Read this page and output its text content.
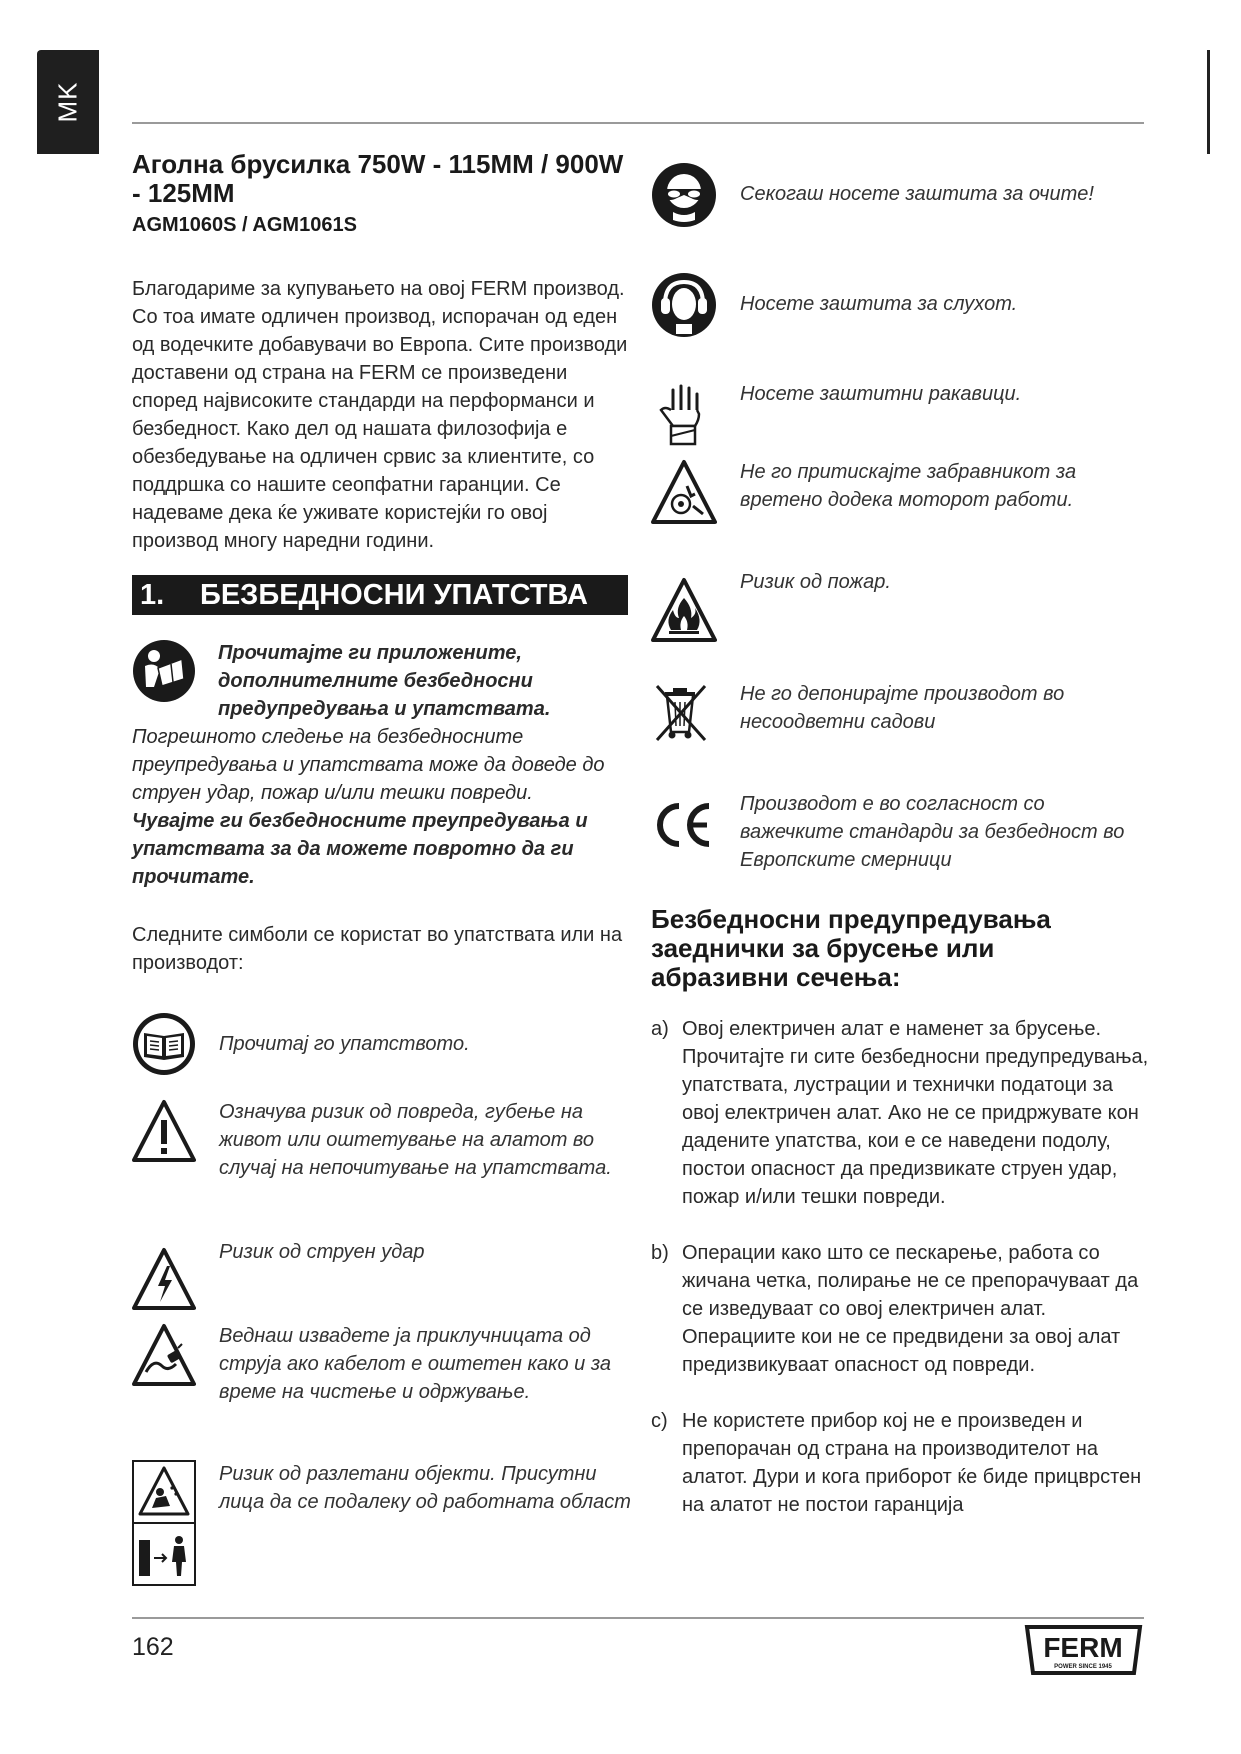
MK
Аголна брусилка 750W - 115MM / 900W - 125MM

AGM1060S / AGM1061S

Благодариме за купувањето на овој FERM производ. Со тоа имате одличен производ, испорачан од еден од водечките добавувачи во Европа. Сите производи доставени од страна на FERM се произведени според највисоките стандарди на перформанси и безбедност. Како дел од нашата филозофија е обезбедување на одличен срвис за клиентите, со поддршка со нашите сеопфатни гаранции. Се надеваме дека ќе уживате користејќи го овој производ многу наредни години.

1.	БЕЗБЕДНОСНИ УПАТСТВА

Прочитајте ги приложените, дополнителните безбедносни предупредувања и упатствата.

Погрешното следење на безбедносните преупредувања и упатствата може да доведе до струен удар, пожар и/или тешки повреди.

Чувајте ги безбедносните преупредувања и упатствата за да можете повротно да ги прочитате.

Следните симболи се користат во упатствата или на производот:

Прочитај го упатството.
Означува ризик од повреда, губење на живот или оштетување на алатот во случај на непочитување на упатствата.
Ризик од струен удар
Веднаш извадете ја приклучницата од струја ако кабелот е оштетен како и за време на чистење и одржување.
Ризик од разлетани објекти. Присутни лица да се подалеку од работната област
Секогаш носете заштита за очите!
Носете заштита за слухот.
Носете заштитни ракавици.
Не го притискајте забравникот за вретено додека моторот работи.
Ризик од пожар.
Не го депонирајте производот во несоодветни садови
Производот е во согласност со важечките стандарди за безбедност во Европските смерници
Безбедносни предупредувања заеднички за брусење или абразивни сечења:
a) Овој електричен алат е наменет за брусење. Прочитајте ги сите безбедносни предупредувања, упатствата, лустрации и технички податоци за овој електричен алат. Ако не се придржувате кон дадените упатства, кои е се наведени подолу, постои опасност да предизвикате струен удар, пожар и/или тешки повреди.
b) Операции како што се пескарење, работа со жичана четка, полирање не се препорачуваат да се изведуваат со овој електричен алат. Операциите кои не се предвидени за овој алат предизвикуваат опасност од повреди.
c) Не користете прибор кој не е произведен и препорачан од страна на производителот на алатот. Дури и кога приборот ќе биде прицврстен на алатот не постои гаранција
162	FERM
POWER SINCE 1945
